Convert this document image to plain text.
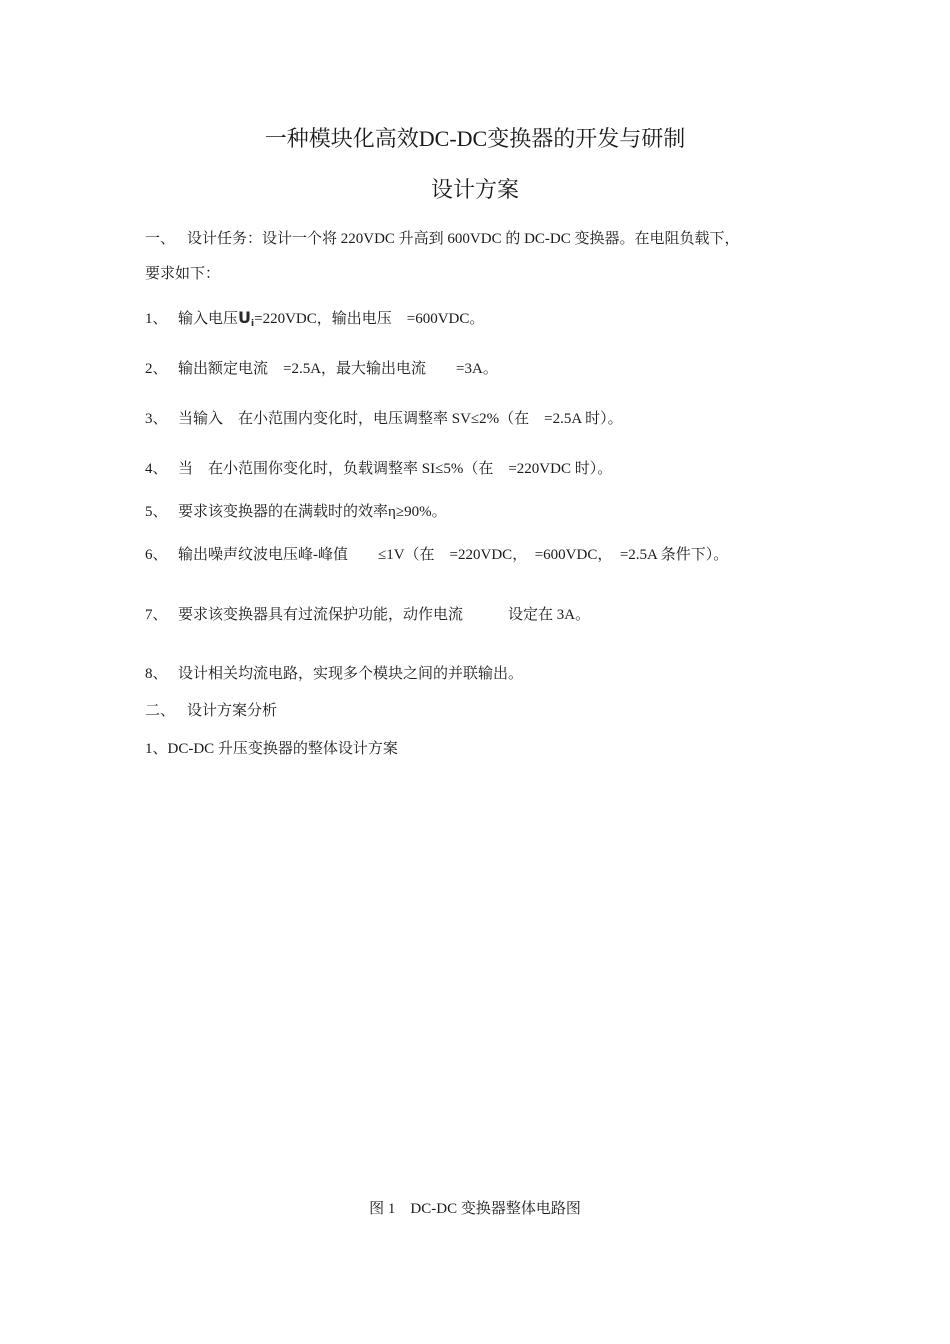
一种模块化高效DC-DC变换器的开发与研制
设计方案
一、 设计任务：设计一个将 220VDC 升高到 600VDC 的 DC-DC 变换器。在电阻负载下，
要求如下：
1、 输入电压Ui=220VDC，输出电压　=600VDC。
2、 输出额定电流　=2.5A，最大输出电流　　=3A。
3、 当输入　在小范围内变化时，电压调整率 SV≤2%（在　=2.5A 时）。
4、 当　在小范围你变化时，负载调整率 SI≤5%（在　=220VDC 时）。
5、 要求该变换器的在满载时的效率η≥90%。
6、 输出噪声纹波电压峰-峰值　　≤1V（在　=220VDC，　=600VDC，　=2.5A 条件下）。
7、 要求该变换器具有过流保护功能，动作电流　　　设定在 3A。
8、 设计相关均流电路，实现多个模块之间的并联输出。
二、 设计方案分析
1、DC-DC 升压变换器的整体设计方案
图 1　DC-DC 变换器整体电路图
